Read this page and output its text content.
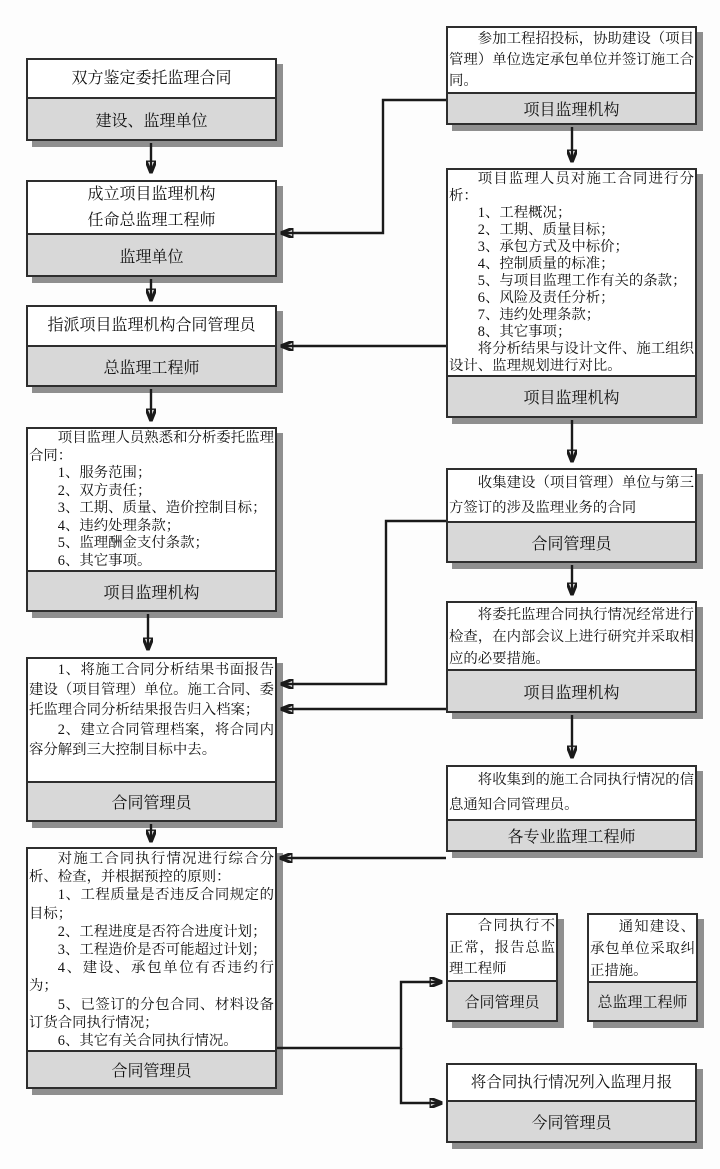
双方鉴定委托监理合同
建设、监理单位
成立项目监理机构
任命总监理工程师
监理单位
指派项目监理机构合同管理员
总监理工程师

项目监理人员熟悉和分析委托监理合同：

1、服务范围；

2、双方责任；

3、工期、质量、造价控制目标；

4、违约处理条款；

5、监理酬金支付条款；

6、其它事项。

项目监理机构

1、将施工合同分析结果书面报告建设（项目管理）单位。施工合同、委托监理合同分析结果报告归入档案；

2、建立合同管理档案，将合同内容分解到三大控制目标中去。

合同管理员

对施工合同执行情况进行综合分析、检查，并根据预控的原则：

1、工程质量是否违反合同规定的目标；

2、工程进度是否符合进度计划；

3、工程造价是否可能超过计划；

4、建设、承包单位有否违约行为；

5、已签订的分包合同、材料设备订货合同执行情况；

6、其它有关合同执行情况。

合同管理员

参加工程招投标，协助建设（项目管理）单位选定承包单位并签订施工合同。

项目监理机构

项目监理人员对施工合同进行分析：

1、工程概况；

2、工期、质量目标；

3、承包方式及中标价；

4、控制质量的标准；

5、与项目监理工作有关的条款；

6、风险及责任分析；

7、违约处理条款；

8、其它事项；

将分析结果与设计文件、施工组织设计、监理规划进行对比。

项目监理机构

收集建设（项目管理）单位与第三方签订的涉及监理业务的合同

合同管理员

将委托监理合同执行情况经常进行检查，在内部会议上进行研究并采取相应的必要措施。

项目监理机构

将收集到的施工合同执行情况的信息通知合同管理员。

各专业监理工程师

合同执行不正常，报告总监理工程师

合同管理员

通知建设、承包单位采取纠正措施。

总监理工程师
将合同执行情况列入监理月报
今同管理员
